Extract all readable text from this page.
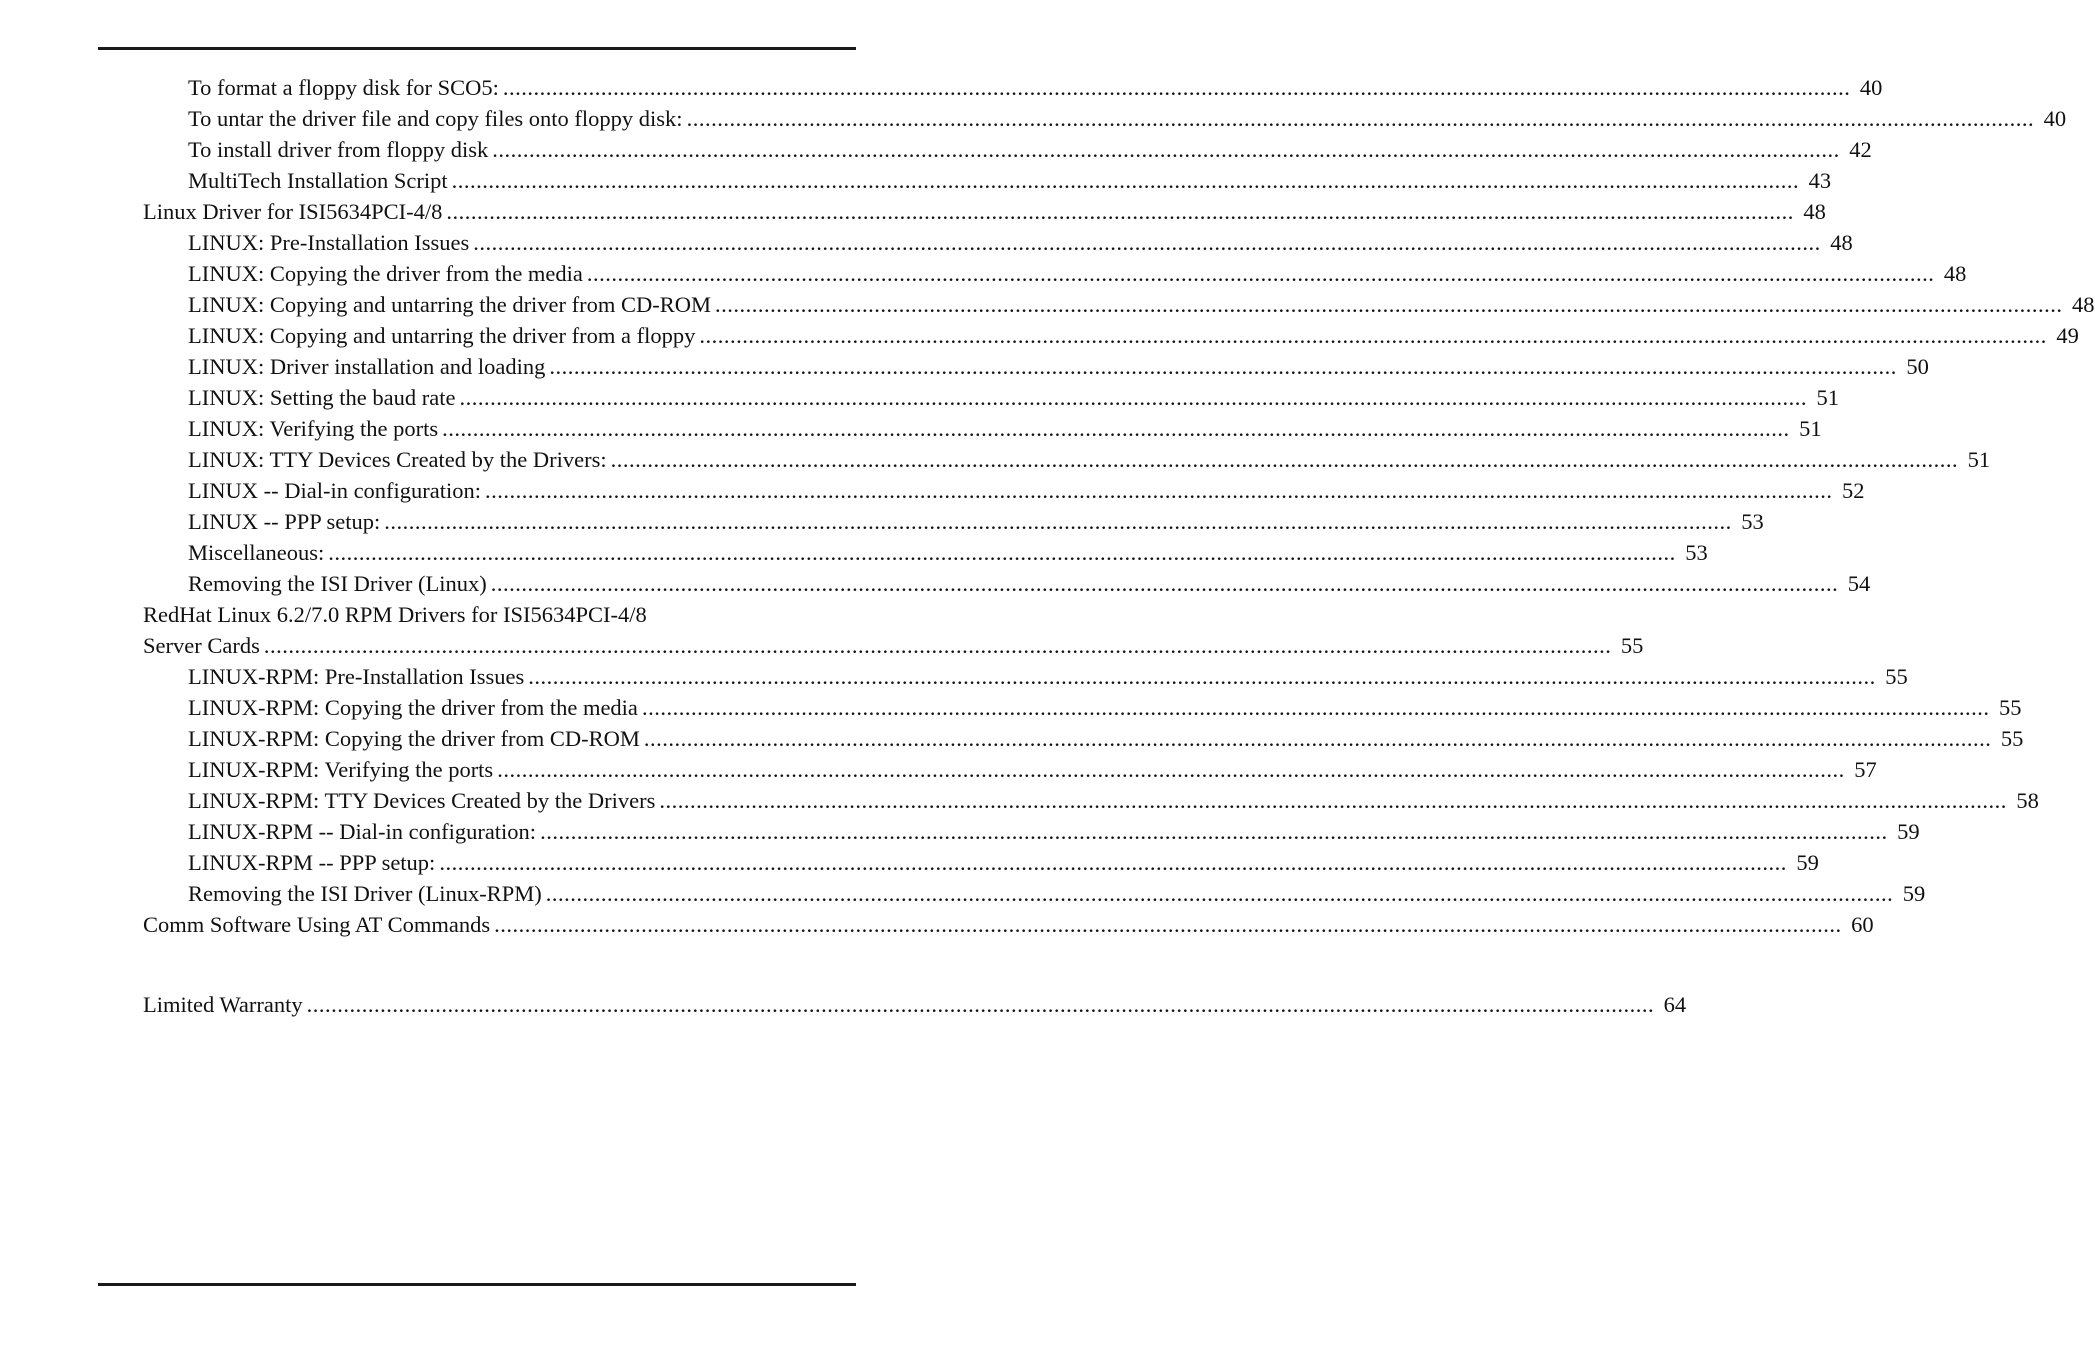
To format a floppy disk for SCO5: ............................................................................................................................................................................................................................ 40
To untar the driver file and copy files onto floppy disk: ............................................................................................................................................................................................................................ 40
To install driver from floppy disk ............................................................................................................................................................................................................................ 42
MultiTech Installation Script ............................................................................................................................................................................................................................ 43
Linux Driver for ISI5634PCI-4/8 ............................................................................................................................................................................................................................ 48
LINUX: Pre-Installation Issues ............................................................................................................................................................................................................................ 48
LINUX: Copying the driver from the media ............................................................................................................................................................................................................................ 48
LINUX: Copying and untarring the driver from CD-ROM ............................................................................................................................................................................................................................ 48
LINUX: Copying and untarring the driver from a floppy ............................................................................................................................................................................................................................ 49
LINUX: Driver installation and loading ............................................................................................................................................................................................................................ 50
LINUX: Setting the baud rate ............................................................................................................................................................................................................................ 51
LINUX: Verifying the ports ............................................................................................................................................................................................................................ 51
LINUX: TTY Devices Created by the Drivers: ............................................................................................................................................................................................................................ 51
LINUX -- Dial-in configuration: ............................................................................................................................................................................................................................ 52
LINUX -- PPP setup: ............................................................................................................................................................................................................................ 53
Miscellaneous: ............................................................................................................................................................................................................................ 53
Removing the ISI Driver (Linux) ............................................................................................................................................................................................................................ 54
RedHat Linux 6.2/7.0 RPM Drivers for ISI5634PCI-4/8
Server Cards ............................................................................................................................................................................................................................ 55
LINUX-RPM: Pre-Installation Issues ............................................................................................................................................................................................................................ 55
LINUX-RPM: Copying the driver from the media ............................................................................................................................................................................................................................ 55
LINUX-RPM: Copying the driver from CD-ROM ............................................................................................................................................................................................................................ 55
LINUX-RPM: Verifying the ports ............................................................................................................................................................................................................................ 57
LINUX-RPM: TTY Devices Created by the Drivers ............................................................................................................................................................................................................................ 58
LINUX-RPM -- Dial-in configuration: ............................................................................................................................................................................................................................ 59
LINUX-RPM -- PPP setup: ............................................................................................................................................................................................................................ 59
Removing the ISI Driver (Linux-RPM) ............................................................................................................................................................................................................................ 59
Comm Software Using AT Commands ............................................................................................................................................................................................................................ 60
Limited Warranty ............................................................................................................................................................................................................................ 64
